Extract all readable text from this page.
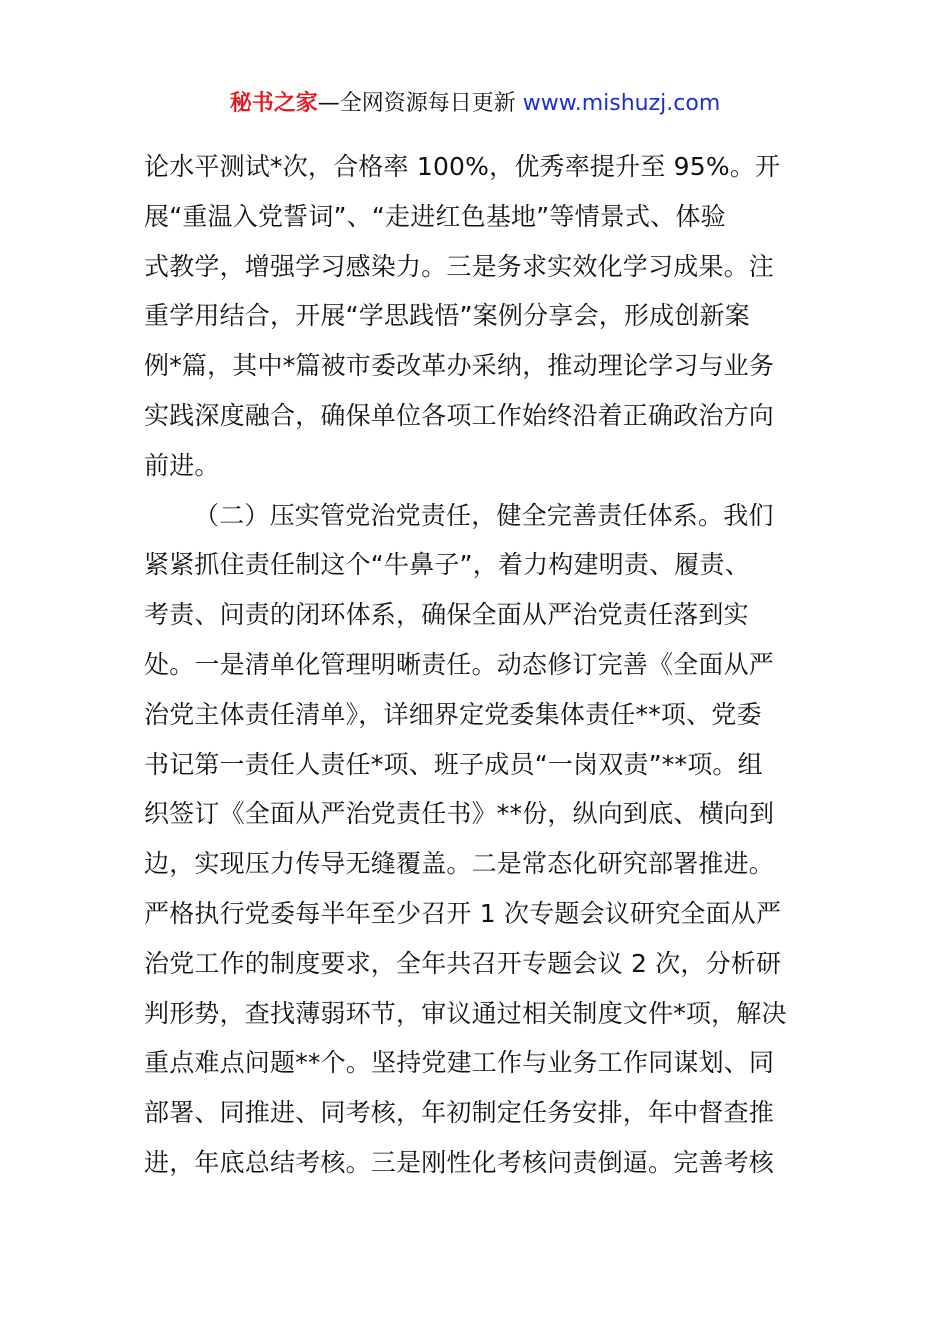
秘书之家—全网资源每日更新 www.mishuzj.com
论水平测试*次，合格率 100%，优秀率提升至 95%。开
展“重温入党誓词”、“走进红色基地”等情景式、体验
式教学，增强学习感染力。三是务求实效化学习成果。注
重学用结合，开展“学思践悟”案例分享会，形成创新案
例*篇，其中*篇被市委改革办采纳，推动理论学习与业务
实践深度融合，确保单位各项工作始终沿着正确政治方向
前进。
（二）压实管党治党责任，健全完善责任体系。我们
紧紧抓住责任制这个“牛鼻子”，着力构建明责、履责、
考责、问责的闭环体系，确保全面从严治党责任落到实
处。一是清单化管理明晰责任。动态修订完善《全面从严
治党主体责任清单》，详细界定党委集体责任**项、党委
书记第一责任人责任*项、班子成员“一岗双责”**项。组
织签订《全面从严治党责任书》**份，纵向到底、横向到
边，实现压力传导无缝覆盖。二是常态化研究部署推进。
严格执行党委每半年至少召开 1 次专题会议研究全面从严
治党工作的制度要求，全年共召开专题会议 2 次，分析研
判形势，查找薄弱环节，审议通过相关制度文件*项，解决
重点难点问题**个。坚持党建工作与业务工作同谋划、同
部署、同推进、同考核，年初制定任务安排，年中督查推
进，年底总结考核。三是刚性化考核问责倒逼。完善考核
